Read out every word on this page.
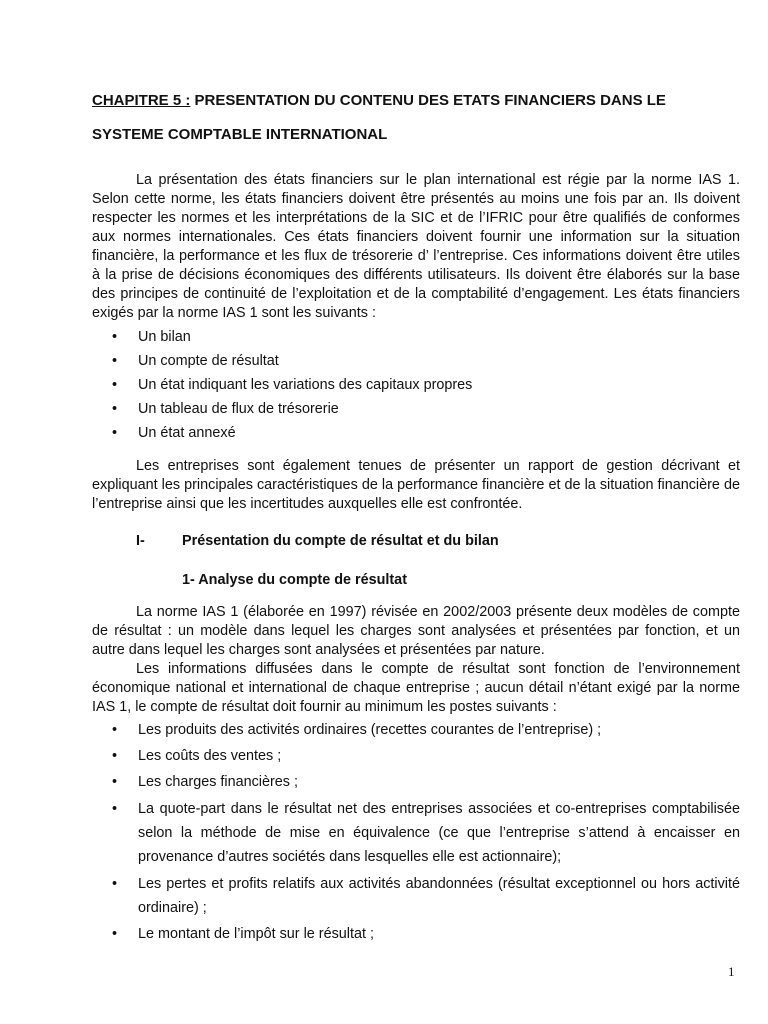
CHAPITRE 5 : PRESENTATION DU CONTENU DES ETATS FINANCIERS DANS LE SYSTEME COMPTABLE INTERNATIONAL

La présentation des états financiers sur le plan international est régie par la norme IAS 1. Selon cette norme, les états financiers doivent être présentés au moins une fois par an. Ils doivent respecter les normes et les interprétations de la SIC et de l’IFRIC pour être qualifiés de conformes aux normes internationales. Ces états financiers doivent fournir une information sur la situation financière, la performance et les flux de trésorerie d’ l’entreprise. Ces informations doivent être utiles à la prise de décisions économiques des différents utilisateurs. Ils doivent être élaborés sur la base des principes de continuité de l’exploitation et de la comptabilité d’engagement. Les états financiers exigés par la norme IAS 1 sont les suivants :

• Un bilan
• Un compte de résultat
• Un état indiquant les variations des capitaux propres
• Un tableau de flux de trésorerie
• Un état annexé

Les entreprises sont également tenues de présenter un rapport de gestion décrivant et expliquant les principales caractéristiques de la performance financière et de la situation financière de l’entreprise ainsi que les incertitudes auxquelles elle est confrontée.

I-	Présentation du compte de résultat et du bilan
1- Analyse du compte de résultat

La norme IAS 1 (élaborée en 1997) révisée en 2002/2003 présente deux modèles de compte de résultat : un modèle dans lequel les charges sont analysées et présentées par fonction, et un autre dans lequel les charges sont analysées et présentées par nature.

Les informations diffusées dans le compte de résultat sont fonction de l’environnement économique national et international de chaque entreprise ; aucun détail n’étant exigé par la norme IAS 1, le compte de résultat doit fournir au minimum les postes suivants :

• Les produits des activités ordinaires (recettes courantes de l’entreprise) ;
• Les coûts des ventes ;
• Les charges financières ;
• La quote-part dans le résultat net des entreprises associées et co-entreprises comptabilisée selon la méthode de mise en équivalence (ce que l’entreprise s’attend à encaisser en provenance d’autres sociétés dans lesquelles elle est actionnaire);
• Les pertes et profits relatifs aux activités abandonnées (résultat exceptionnel ou hors activité ordinaire) ;
• Le montant de l’impôt sur le résultat ;
1
